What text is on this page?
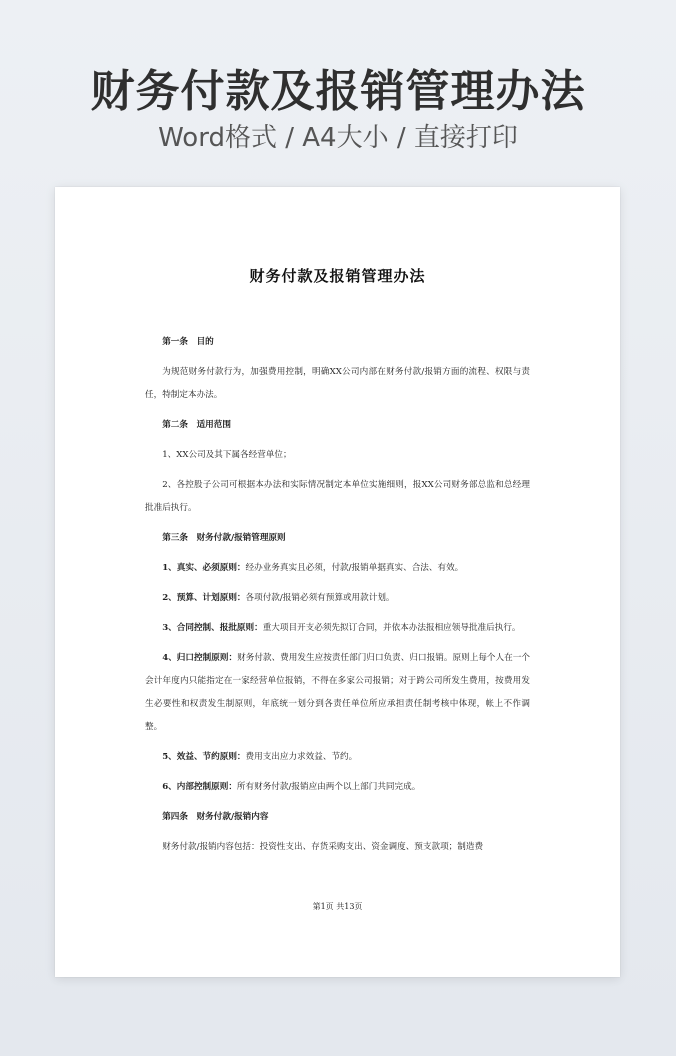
财务付款及报销管理办法
Word格式 / A4大小 / 直接打印
财务付款及报销管理办法
第一条　目的
为规范财务付款行为，加强费用控制，明确XX公司内部在财务付款/报销方面的流程、权限与责任，特制定本办法。
第二条　适用范围
1、XX公司及其下属各经营单位；
2、各控股子公司可根据本办法和实际情况制定本单位实施细则，报XX公司财务部总监和总经理批准后执行。
第三条　财务付款/报销管理原则
1、真实、必须原则：经办业务真实且必须，付款/报销单据真实、合法、有效。
2、预算、计划原则：各项付款/报销必须有预算或用款计划。
3、合同控制、报批原则：重大项目开支必须先拟订合同，并依本办法报相应领导批准后执行。
4、归口控制原则：财务付款、费用发生应按责任部门归口负责、归口报销。原则上每个人在一个会计年度内只能指定在一家经营单位报销，不得在多家公司报销；对于跨公司所发生费用，按费用发生必要性和权责发生制原则，年底统一划分到各责任单位所应承担责任制考核中体现，帐上不作调整。
5、效益、节约原则：费用支出应力求效益、节约。
6、内部控制原则：所有财务付款/报销应由两个以上部门共同完成。
第四条　财务付款/报销内容
财务付款/报销内容包括：投资性支出、存货采购支出、资金调度、预支款项；制造费
第1页 共13页
